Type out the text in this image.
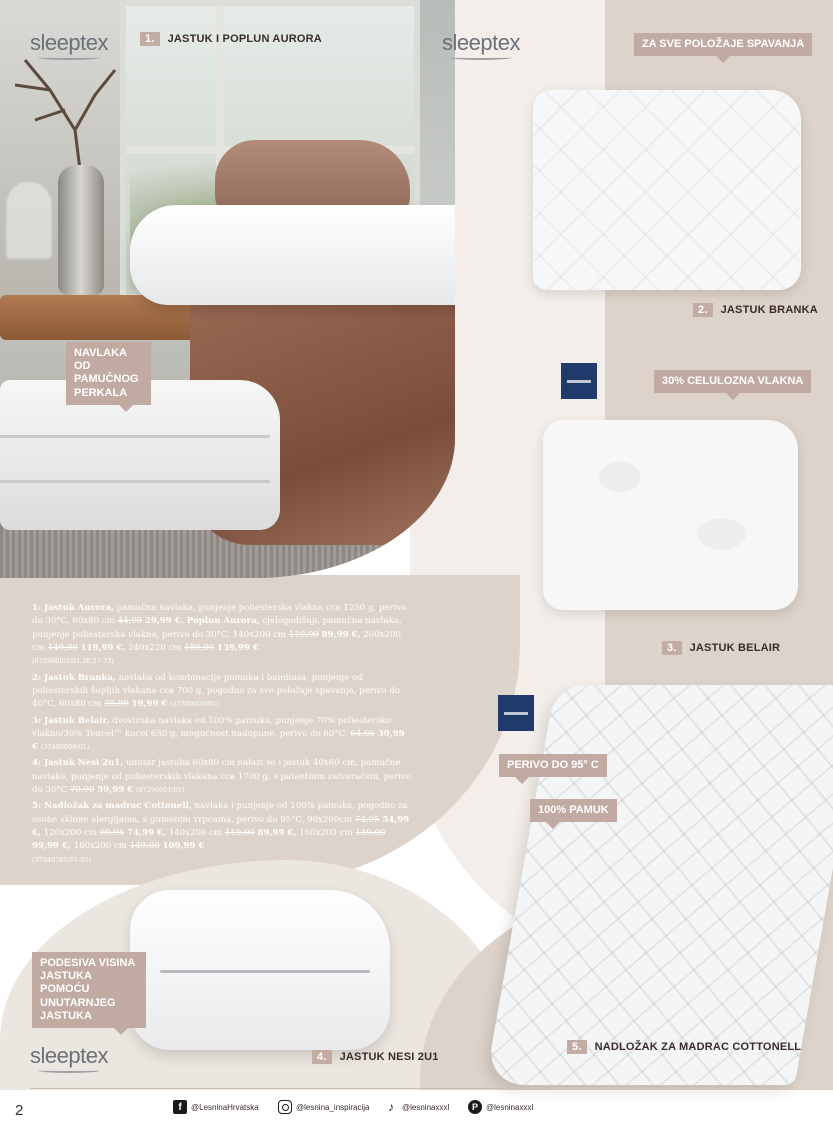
sleeptex	sleeptex
sleeptex
1.	JASTUK I POPLUN AURORA
2.	JASTUK BRANKA
3.	JASTUK BELAIR
4.	JASTUK NESI 2U1
5.	NADLOŽAK ZA MADRAC COTTONELL
ZA SVE POLOŽAJE SPAVANJA
NAVLAKA OD PAMUČNOG PERKALA
30% CELULOZNA VLAKNA
PERIVO DO 95° C
100% PAMUK
PODESIVA VISINA JASTUKA POMOĆU UNUTARNJEG JASTUKA

1: Jastuk Aurora, pamučna navlaka, punjenje poliesterska vlakna cca 1250 g, perivo do 30°C, 60x80 cm 44,99 29,99 €. Poplun Aurora, cjelogodišnji, pamučna navlaka, punjenje poliesterska vlakna, perivo do 30°C, 140x200 cm 119,99 89,99 €, 200x200 cm 149,99 119,99 €, 240x220 cm 189,99 139,99 €
(8729600/2/01,20,27-73)

2: Jastuk Branka, navlaka od kombinacije pamuka i bambusa, punjenje od poliesterskih šupljih vlakana cca 700 g, pogodno za sve položaje spavanja, perivo do 40°C, 60x80 cm 39,99 19,99 € (37300009/01)

3: Jastuk Belair, dvostruka navlaka od 100% pamuka, punjenje 70% poliestersko vlakno/30% Tencel™ kocel 630 g, mogućnost nadopune, perivo do 60°C, 64,95 39,99 € (37490008/01)

4: Jastuk Nesi 2u1, unutar jastuka 60x80 cm nalazi se i jastuk 40x60 cm, pamučne navlake, punjenje od poliesterskih vlakana cca 1700 g, s patentnim zatvaračem, perivo do 30°C 79,99 59,99 € (87296001/01)

5: Nadložak za madrac Cottonell, navlaka i punjenje od 100% pamuka, pogodno za osobe sklone alergijama, s gumenim vrpcama, perivo do 95°C, 90x200cm 74,95 54,99 €, 120x200 cm 99,95 74,99 €, 140x200 cm 119,00 89,99 €, 160x200 cm 139,00 99,99 €, 180x200 cm 149,00 109,99 €
(37340765/01-05)

2	f	@LesninaHrvatska	@lesnina_inspiracija	♪	@lesninaxxxl	P	@lesninaxxxl
